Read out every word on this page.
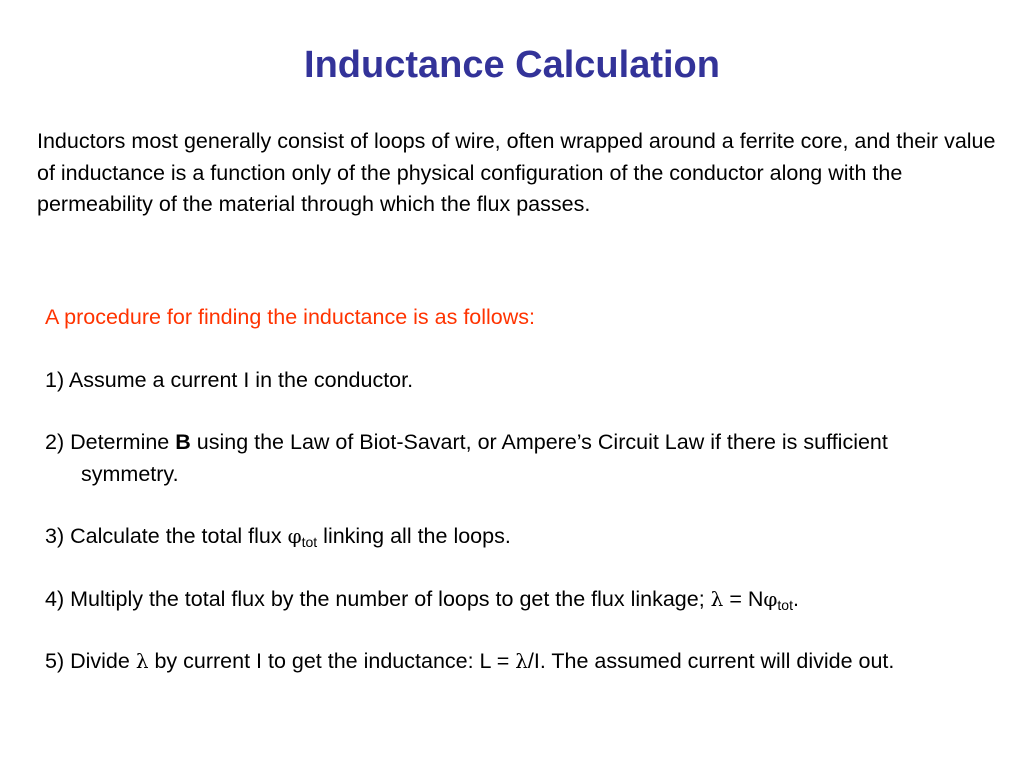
Inductance Calculation
Inductors most generally consist of loops of wire, often wrapped around a ferrite core, and their value of inductance is a function only of the physical configuration of the conductor along with the permeability of the material through which the flux passes.
A procedure for finding the inductance is as follows:
1) Assume a current I in the conductor.
2) Determine B using the Law of Biot-Savart, or Ampere’s Circuit Law if there is sufficient symmetry.
3) Calculate the total flux $\varphi_{tot}$ linking all the loops.
4) Multiply the total flux by the number of loops to get the flux linkage; $\lambda = N\varphi_{tot}$.
5) Divide λ by current I to get the inductance: L = λ/I. The assumed current will divide out.
